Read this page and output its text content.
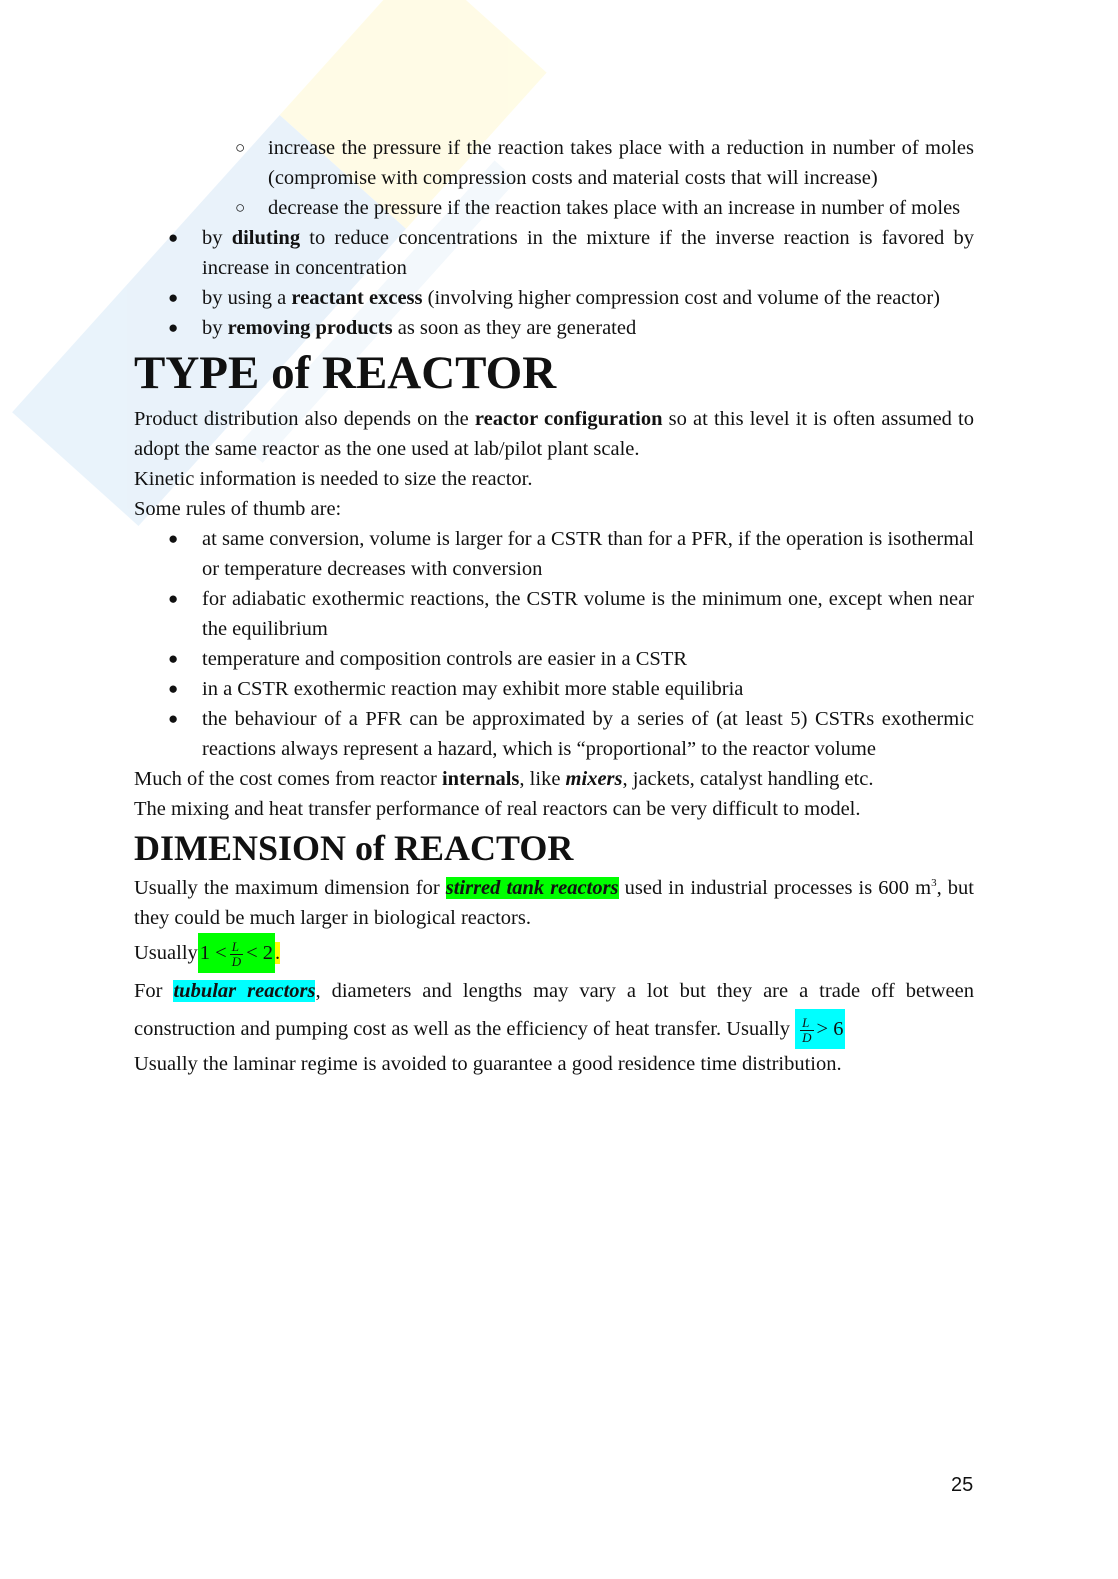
○ increase the pressure if the reaction takes place with a reduction in number of moles (compromise with compression costs and material costs that will increase)
○ decrease the pressure if the reaction takes place with an increase in number of moles
● by diluting to reduce concentrations in the mixture if the inverse reaction is favored by increase in concentration
● by using a reactant excess (involving higher compression cost and volume of the reactor)
● by removing products as soon as they are generated
TYPE of REACTOR

Product distribution also depends on the reactor configuration so at this level it is often assumed to adopt the same reactor as the one used at lab/pilot plant scale.

Kinetic information is needed to size the reactor.

Some rules of thumb are:

● at same conversion, volume is larger for a CSTR than for a PFR, if the operation is isothermal or temperature decreases with conversion
● for adiabatic exothermic reactions, the CSTR volume is the minimum one, except when near the equilibrium
● temperature and composition controls are easier in a CSTR
● in a CSTR exothermic reaction may exhibit more stable equilibria
● the behaviour of a PFR can be approximated by a series of (at least 5) CSTRs exothermic reactions always represent a hazard, which is “proportional” to the reactor volume

Much of the cost comes from reactor internals, like mixers, jackets, catalyst handling etc.

The mixing and heat transfer performance of real reactors can be very difficult to model.

DIMENSION of REACTOR

Usually the maximum dimension for stirred tank reactors used in industrial processes is 600 $m^3$, but they could be much larger in biological reactors.

Usually1 < $\frac{L}{D} < 2$.

For tubular reactors, diameters and lengths may vary a lot but they are a trade off between construction and pumping cost as well as the efficiency of heat transfer. Usually $\frac{L}{D} > 6$

Usually the laminar regime is avoided to guarantee a good residence time distribution.

25
